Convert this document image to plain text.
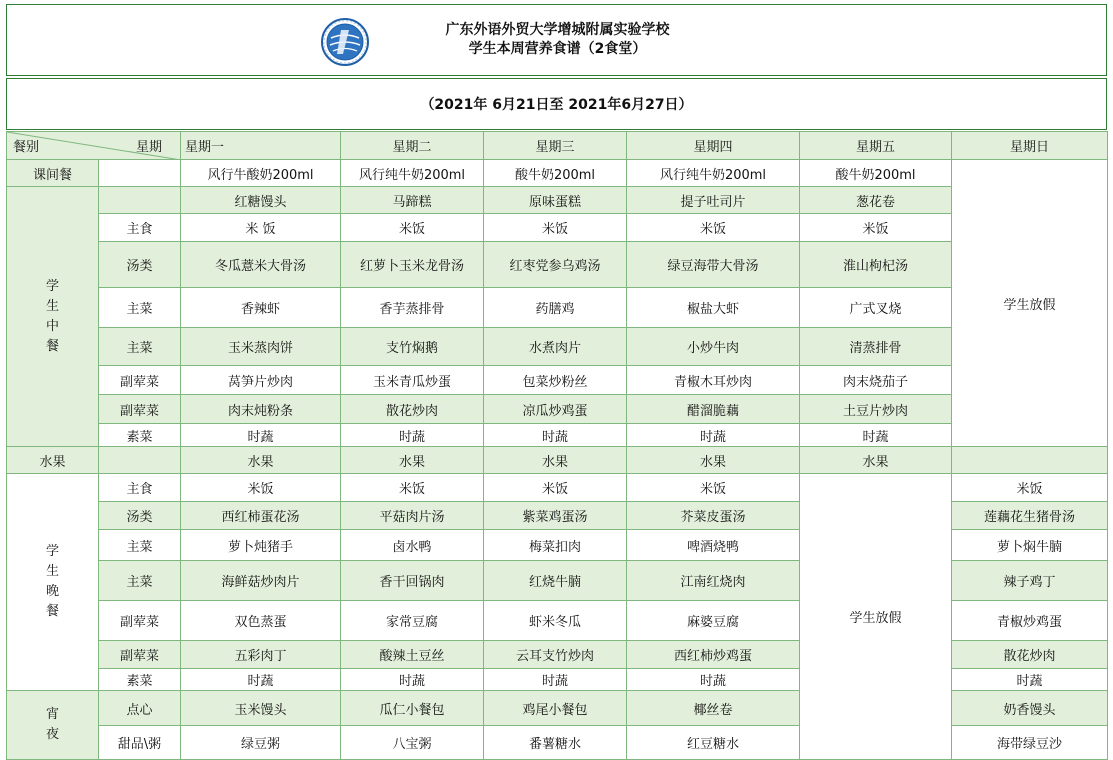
广东外语外贸大学增城附属实验学校
学生本周营养食谱（2食堂）
（2021年 6月21日至 2021年6月27日）
餐别 星期		星期一	星期二	星期三	星期四	星期五	星期日
课间餐		风行牛酸奶200ml	风行纯牛奶200ml	酸牛奶200ml	风行纯牛奶200ml	酸牛奶200ml	学生放假
学生中餐		红糖馒头	马蹄糕	原味蛋糕	提子吐司片	葱花卷	
	主食	米 饭	米饭	米饭	米饭	米饭	
	汤类	冬瓜薏米大骨汤	红萝卜玉米龙骨汤	红枣党参乌鸡汤	绿豆海带大骨汤	淮山枸杞汤	
	主菜	香辣虾	香芋蒸排骨	药膳鸡	椒盐大虾	广式叉烧	
	主菜	玉米蒸肉饼	支竹焖鹅	水煮肉片	小炒牛肉	清蒸排骨	
	副荤菜	莴笋片炒肉	玉米青瓜炒蛋	包菜炒粉丝	青椒木耳炒肉	肉末烧茄子	
	副荤菜	肉末炖粉条	散花炒肉	凉瓜炒鸡蛋	醋溜脆藕	土豆片炒肉	
	素菜	时蔬	时蔬	时蔬	时蔬	时蔬	
水果		水果	水果	水果	水果	水果	
学生晚餐	主食	米饭	米饭	米饭	米饭	学生放假	米饭
	汤类	西红柿蛋花汤	平菇肉片汤	紫菜鸡蛋汤	芥菜皮蛋汤		莲藕花生猪骨汤
	主菜	萝卜炖猪手	卤水鸭	梅菜扣肉	啤酒烧鸭		萝卜焖牛腩
	主菜	海鲜菇炒肉片	香干回锅肉	红烧牛腩	江南红烧肉		辣子鸡丁
	副荤菜	双色蒸蛋	家常豆腐	虾米冬瓜	麻婆豆腐		青椒炒鸡蛋
	副荤菜	五彩肉丁	酸辣土豆丝	云耳支竹炒肉	西红柿炒鸡蛋		散花炒肉
	素菜	时蔬	时蔬	时蔬	时蔬		时蔬
宵夜	点心	玉米馒头	瓜仁小餐包	鸡尾小餐包	椰丝卷		奶香馒头
	甜品\粥	绿豆粥	八宝粥	番薯糖水	红豆糖水		海带绿豆沙
